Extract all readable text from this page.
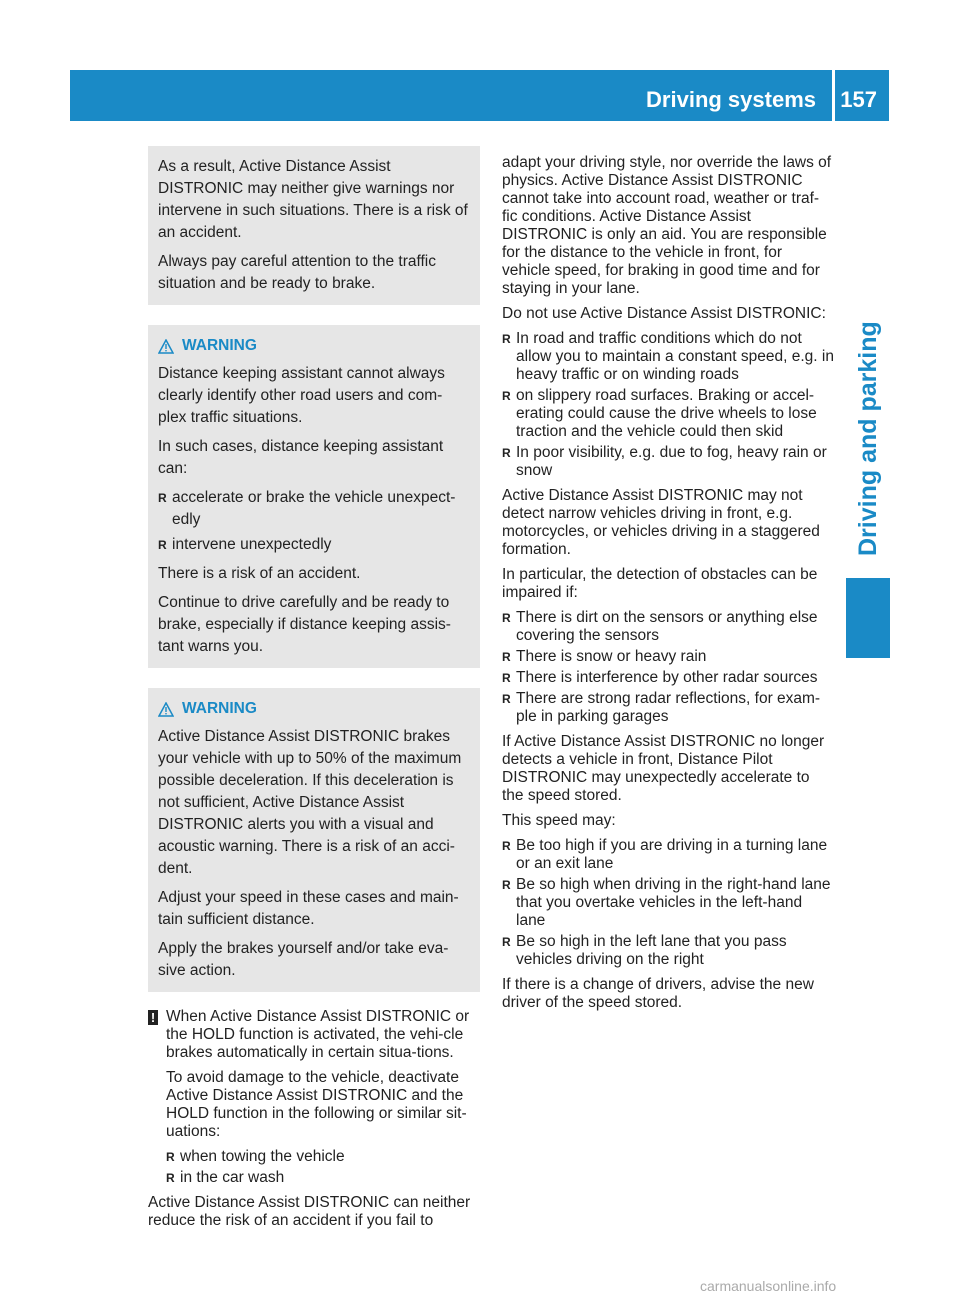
Driving systems 157
Driving and parking

As a result, Active Distance Assist DISTRONIC may neither give warnings nor intervene in such situations. There is a risk of an accident.

Always pay careful attention to the traffic situation and be ready to brake.

WARNING

Distance keeping assistant cannot always clearly identify other road users and com-plex traffic situations.

In such cases, distance keeping assistant can:

R accelerate or brake the vehicle unexpect-edly
R intervene unexpectedly

There is a risk of an accident.

Continue to drive carefully and be ready to brake, especially if distance keeping assis-tant warns you.

WARNING

Active Distance Assist DISTRONIC brakes your vehicle with up to 50% of the maximum possible deceleration. If this deceleration is not sufficient, Active Distance Assist DISTRONIC alerts you with a visual and acoustic warning. There is a risk of an acci-dent.

Adjust your speed in these cases and main-tain sufficient distance.

Apply the brakes yourself and/or take eva-sive action.

! When Active Distance Assist DISTRONIC or the HOLD function is activated, the vehi-cle brakes automatically in certain situa-tions.

To avoid damage to the vehicle, deactivate Active Distance Assist DISTRONIC and the HOLD function in the following or similar sit-uations:

R when towing the vehicle
R in the car wash
Active Distance Assist DISTRONIC can neither reduce the risk of an accident if you fail to

adapt your driving style, nor override the laws of physics. Active Distance Assist DISTRONIC cannot take into account road, weather or traf-fic conditions. Active Distance Assist DISTRONIC is only an aid. You are responsible for the distance to the vehicle in front, for vehicle speed, for braking in good time and for staying in your lane.

Do not use Active Distance Assist DISTRONIC:

R In road and traffic conditions which do not allow you to maintain a constant speed, e.g. in heavy traffic or on winding roads
R on slippery road surfaces. Braking or accel-erating could cause the drive wheels to lose traction and the vehicle could then skid
R In poor visibility, e.g. due to fog, heavy rain or snow

Active Distance Assist DISTRONIC may not detect narrow vehicles driving in front, e.g. motorcycles, or vehicles driving in a staggered formation.

In particular, the detection of obstacles can be impaired if:

R There is dirt on the sensors or anything else covering the sensors
R There is snow or heavy rain
R There is interference by other radar sources
R There are strong radar reflections, for exam-ple in parking garages

If Active Distance Assist DISTRONIC no longer detects a vehicle in front, Distance Pilot DISTRONIC may unexpectedly accelerate to the speed stored.

This speed may:

R Be too high if you are driving in a turning lane or an exit lane
R Be so high when driving in the right-hand lane that you overtake vehicles in the left-hand lane
R Be so high in the left lane that you pass vehicles driving on the right

If there is a change of drivers, advise the new driver of the speed stored.

carmanualsonline.info
